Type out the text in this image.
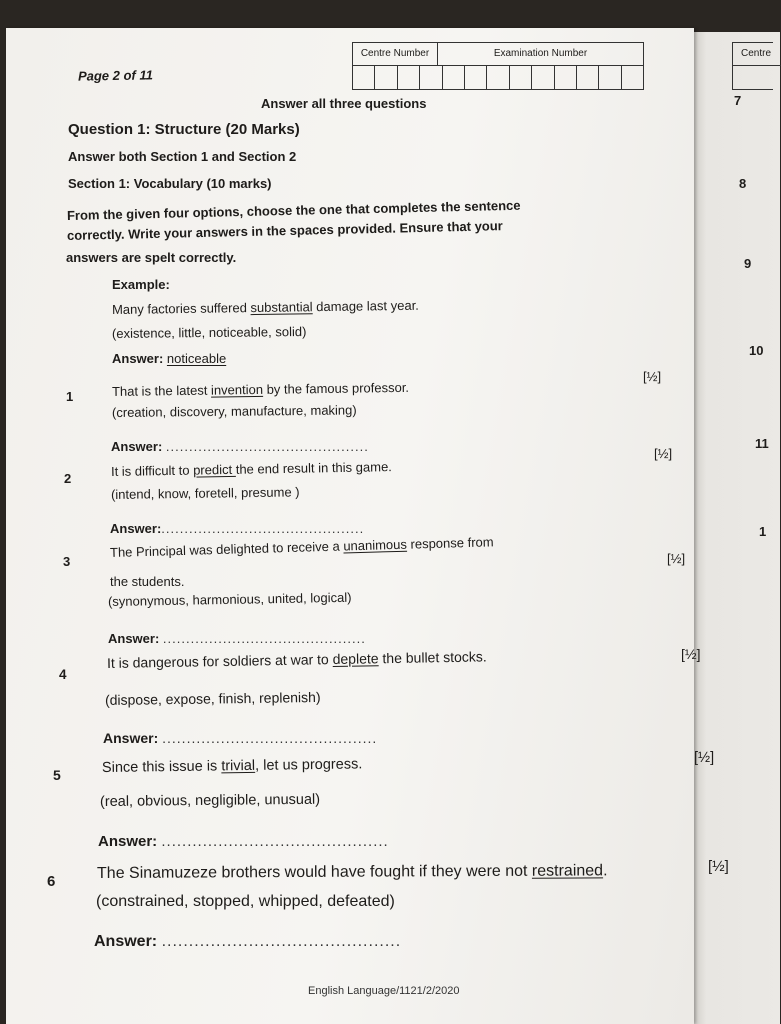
Centre
7
8
9
10
11
1
Page 2 of 11
Centre Number	Examination Number
Answer all three questions
Question 1: Structure (20 Marks)
Answer both Section 1 and Section 2
Section 1: Vocabulary (10 marks)
From the given four options, choose the one that completes the sentence
correctly. Write your answers in the spaces provided. Ensure that your
answers are spelt correctly.
Example:
Many factories suffered substantial damage last year.
(existence, little, noticeable, solid)
Answer: noticeable
1	That is the latest invention by the famous professor.
[½]
(creation, discovery, manufacture, making)
Answer: ............................................
2	It is difficult to predict the end result in this game.
[½]
(intend, know, foretell, presume )
Answer:............................................
3
The Principal was delighted to receive a unanimous response from
the students.
[½]
(synonymous, harmonious, united, logical)
Answer: ............................................
4
It is dangerous for soldiers at war to deplete the bullet stocks.	[½]
(dispose, expose, finish, replenish)
Answer: ............................................
5	Since this issue is trivial, let us progress.	[½]
(real, obvious, negligible, unusual)
Answer: ............................................
6	The Sinamuzeze brothers would have fought if they were not restrained.	[½]
(constrained, stopped, whipped, defeated)
Answer: ............................................
English Language/1121/2/2020
